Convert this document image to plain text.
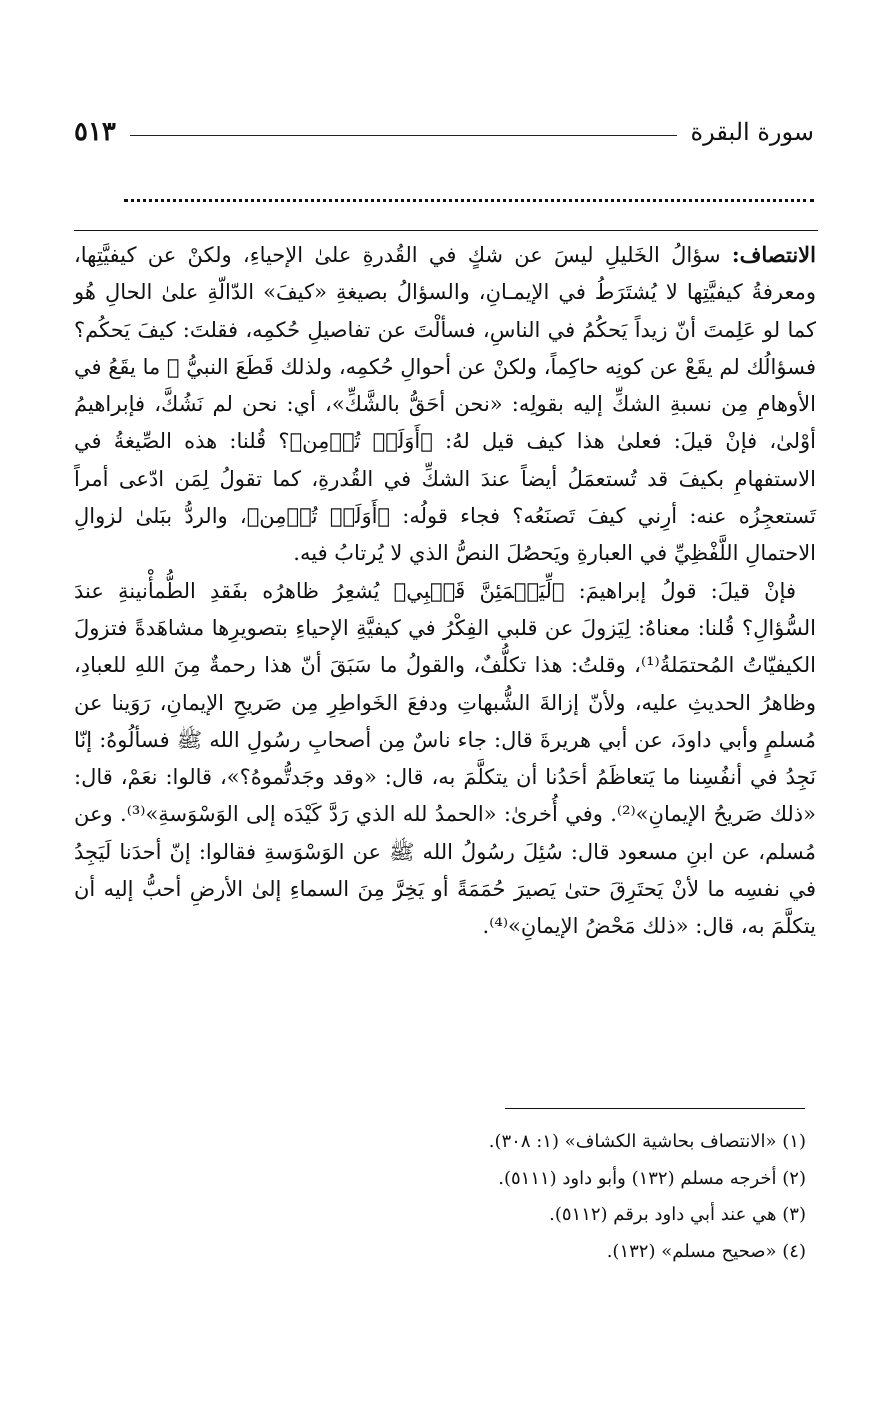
سورة البقرة
٥١٣

الانتصاف: سؤالُ الخَليلِ ليسَ عن شكٍ في القُدرةِ علىٰ الإحياءِ، ولكنْ عن كيفيَّتِها، ومعرفةُ كيفيَّتِها لا يُشتَرَطُ في الإيمـانِ، والسؤالُ بصيغةِ «كيفَ» الدّالّةِ علىٰ الحالِ هُو كما لو عَلِمتَ أنّ زيداً يَحكُمُ في الناسِ، فسألْتَ عن تفاصيلِ حُكمِه، فقلتَ: كيفَ يَحكُم؟ فسؤالُك لم يقَعْ عن كونِه حاكِماً، ولكنْ عن أحوالِ حُكمِه، ولذلك قَطَعَ النبيُّ ﷺ ما يقَعُ في الأوهامِ مِن نسبةِ الشكِّ إليه بقولِه: «نحن أحَقُّ بالشَّكِّ»، أي: نحن لم نَشُكَّ، فإبراهيمُ أوْلىٰ، فإنْ قيلَ: فعلىٰ هذا كيف قيل لهُ: ﴿أَوَلَمۡ تُؤۡمِن﴾؟ قُلنا: هذه الصِّيغةُ في الاستفهامِ بكيفَ قد تُستعمَلُ أيضاً عندَ الشكِّ في القُدرةِ، كما تقولُ لِمَن ادّعى أمراً تَستعجِزُه عنه: أرِني كيفَ تَصنَعُه؟ فجاء قولُه: ﴿أَوَلَمۡ تُؤۡمِن﴾، والردُّ ببَلىٰ لزوالِ الاحتمالِ اللَّفْظِيِّ في العبارةِ ويَحصُلَ النصُّ الذي لا يُرتابُ فيه.

فإنْ قيلَ: قولُ إبراهيمَ: ﴿لِّيَطۡمَئِنَّ قَلۡبِي﴾ يُشعِرُ ظاهرُه بفَقدِ الطُّمأْنينةِ عندَ السُّؤالِ؟ قُلنا: معناهُ: لِيَزولَ عن قلبي الفِكْرُ في كيفيَّةِ الإحياءِ بتصويرِها مشاهَدةً فتزولَ الكيفيّاتُ المُحتمَلةُ⁽¹⁾، وقلتُ: هذا تكلُّفٌ، والقولُ ما سَبَقَ أنّ هذا رحمةٌ مِنَ اللهِ للعبادِ، وظاهرُ الحديثِ عليه، ولأنّ إزالةَ الشُّبهاتِ ودفعَ الخَواطِرِ مِن صَريحِ الإيمانِ، رَوَينا عن مُسلمٍ وأبي داودَ، عن أبي هريرةَ قال: جاء ناسٌ مِن أصحابِ رسُولِ الله ﷺ فسألُوهُ: إنّا نَجِدُ في أنفُسِنا ما يَتعاظَمُ أحَدُنا أن يتكلَّمَ به، قال: «وقد وجَدتُّموهُ؟»، قالوا: نعَمْ، قال: «ذلك صَريحُ الإيمانِ»⁽²⁾. وفي أُخرىٰ: «الحمدُ لله الذي رَدَّ كَيْدَه إلى الوَسْوَسةِ»⁽³⁾. وعن مُسلم، عن ابنِ مسعود قال: سُئِلَ رسُولُ الله ﷺ عن الوَسْوَسةِ فقالوا: إنّ أحدَنا لَيَجِدُ في نفسِه ما لأنْ يَحتَرِقَ حتىٰ يَصيرَ حُمَمَةً أو يَخِرَّ مِنَ السماءِ إلىٰ الأرضِ أحبُّ إليه أن يتكلَّمَ به، قال: «ذلك مَحْضُ الإيمانِ»⁽⁴⁾.

(١) «الانتصاف بحاشية الكشاف» (١: ٣٠٨).
(٢) أخرجه مسلم (١٣٢) وأبو داود (٥١١١).
(٣) هي عند أبي داود برقم (٥١١٢).
(٤) «صحيح مسلم» (١٣٢).
